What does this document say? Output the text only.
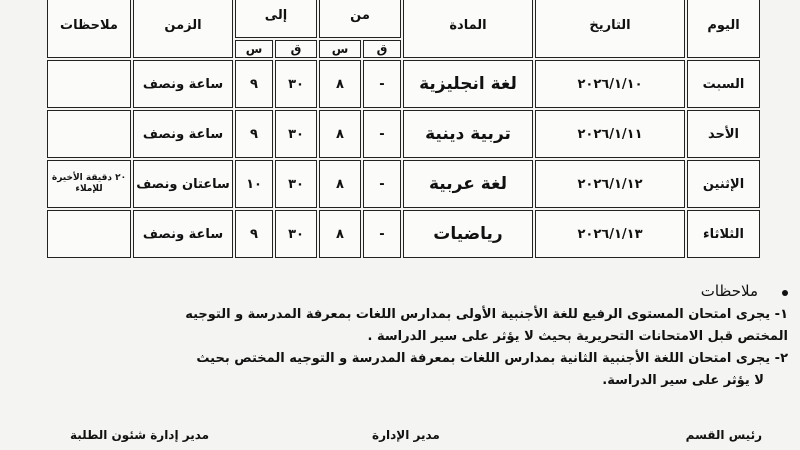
اليوم	التاريخ	المادة	من		إلى		الزمن	ملاحظات
			ق	س	ق	س		
السبت	٢٠٢٦/١/١٠	لغة انجليزية	-	٨	٣٠	٩	ساعة ونصف	
الأحد	٢٠٢٦/١/١١	تربية دينية	-	٨	٣٠	٩	ساعة ونصف	
الإثنين	٢٠٢٦/١/١٢	لغة عربية	-	٨	٣٠	١٠	ساعتان ونصف	٢٠ دقيقة الأخيرة للإملاء
الثلاثاء	٢٠٢٦/١/١٣	رياضيات	-	٨	٣٠	٩	ساعة ونصف	
ملاحظات
١- يجرى امتحان المستوى الرفيع للغة الأجنبية الأولى بمدارس اللغات بمعرفة المدرسة و التوجيه
المختص قبل الامتحانات التحريرية بحيث لا يؤثر على سير الدراسة .
٢- يجرى امتحان اللغة الأجنبية الثانية بمدارس اللغات بمعرفة المدرسة و التوجيه المختص بحيث
لا يؤثر على سير الدراسة.
رئيس القسم
مدير الإدارة
مدير إدارة شئون الطلبة
